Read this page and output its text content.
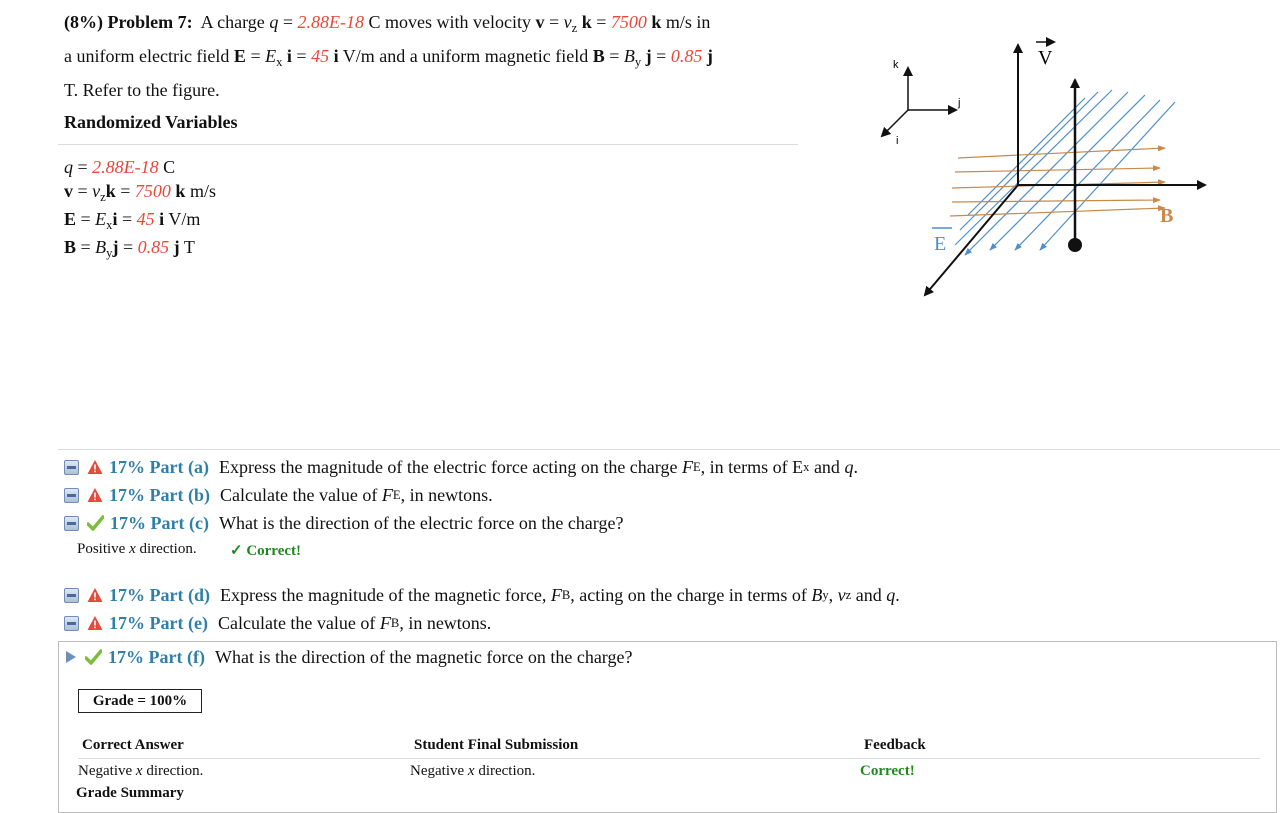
(8%) Problem 7: A charge q = 2.88E-18 C moves with velocity $v = v_z$ k = 7500 k m/s in
a uniform electric field $E = E_x$ i = 45 i V/m and a uniform magnetic field $B = B_y$ j = 0.85 j
T. Refer to the figure.
Randomized Variables
q = 2.88E-18 C
$v = v_zk = 7500$ k m/s
$E = E_xi = 45$ i V/m
$B = B_yj = 0.85$ j T
k
j
i
V
B
E
17% Part (a) Express the magnitude of the electric force acting on the charge
F E , in terms of E x
and
q .
17% Part (b) Calculate the value of
F E , in newtons.
17% Part (c) What is the direction of the electric force on the charge?
Positive x direction. ✓ Correct!
17% Part (d) Express the magnitude of the magnetic force,
F B , acting on the charge in terms of
B y ,
v z
and
q .
17% Part (e) Calculate the value of
F B , in newtons.
17% Part (f) What is the direction of the magnetic force on the charge?
Grade = 100%
Correct Answer	Student Final Submission	Feedback
Negative x direction.	Negative x direction.	Correct!
Grade Summary
